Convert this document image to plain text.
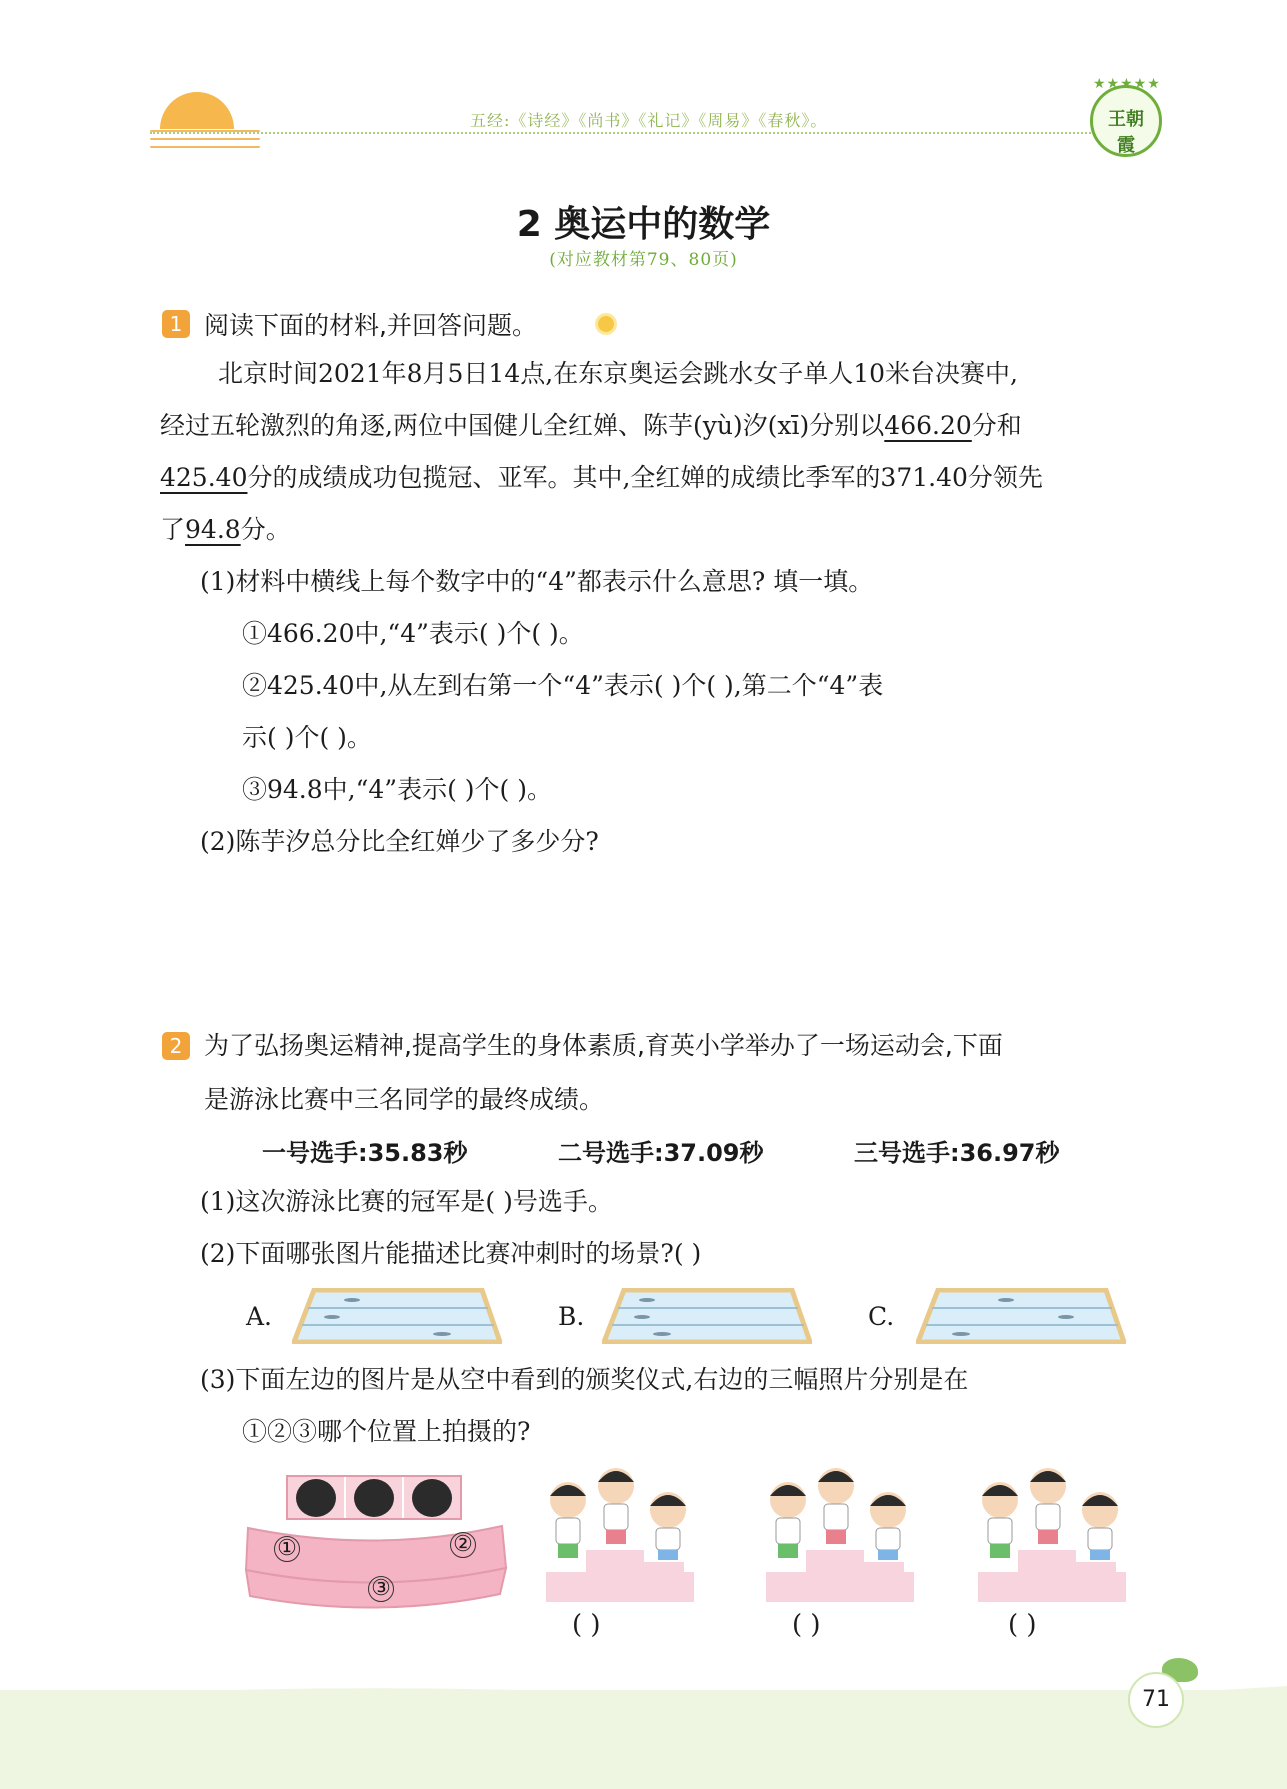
五经:《诗经》《尚书》《礼记》《周易》《春秋》。
★★★★★
王朝霞
2 奥运中的数学
(对应教材第79、80页)
1 阅读下面的材料,并回答问题。
北京时间2021年8月5日14点,在东京奥运会跳水女子单人10米台决赛中,
经过五轮激烈的角逐,两位中国健儿全红婵、陈芋(yù)汐(xī)分别以466.20分和
425.40分的成绩成功包揽冠、亚军。其中,全红婵的成绩比季军的371.40分领先
了94.8分。
(1)材料中横线上每个数字中的“4”都表示什么意思? 填一填。
①466.20中,“4”表示( )个( )。
②425.40中,从左到右第一个“4”表示( )个( ),第二个“4”表
示( )个( )。
③94.8中,“4”表示( )个( )。
(2)陈芋汐总分比全红婵少了多少分?
2 为了弘扬奥运精神,提高学生的身体素质,育英小学举办了一场运动会,下面
是游泳比赛中三名同学的最终成绩。
一号选手:35.83秒	二号选手:37.09秒	三号选手:36.97秒
(1)这次游泳比赛的冠军是( )号选手。
(2)下面哪张图片能描述比赛冲刺时的场景?( )
A.	B.	C.
(3)下面左边的图片是从空中看到的颁奖仪式,右边的三幅照片分别是在
①②③哪个位置上拍摄的?
①	②
③
( )	( )	( )
71
